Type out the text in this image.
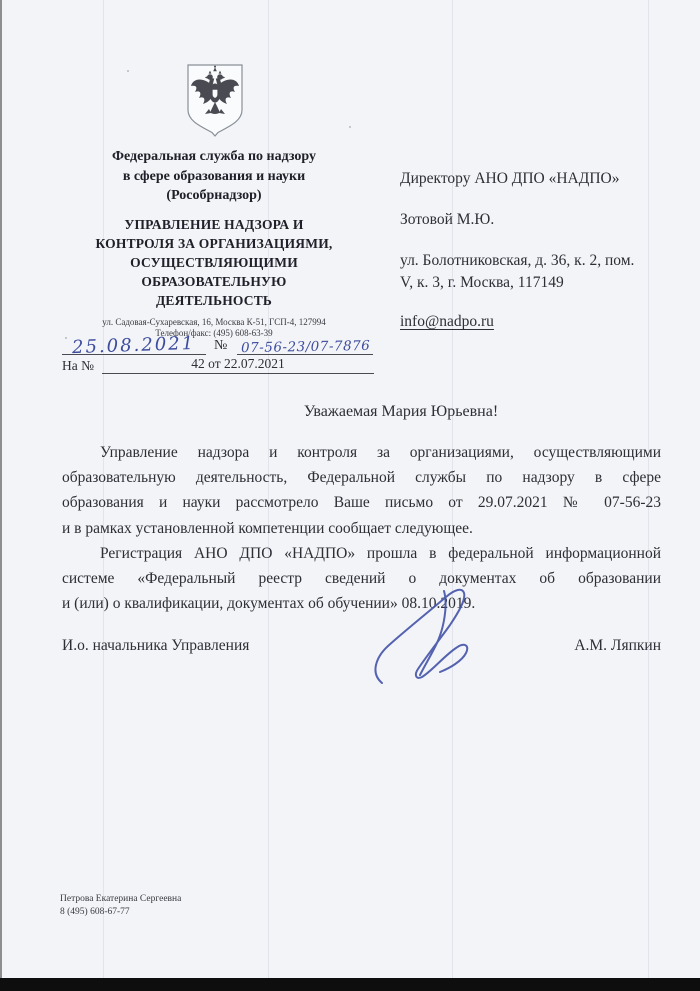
Федеральная служба по надзору
в сфере образования и науки
(Рособрнадзор)
УПРАВЛЕНИЕ НАДЗОРА И
КОНТРОЛЯ ЗА ОРГАНИЗАЦИЯМИ,
ОСУЩЕСТВЛЯЮЩИМИ
ОБРАЗОВАТЕЛЬНУЮ
ДЕЯТЕЛЬНОСТЬ
ул. Садовая-Сухаревская, 16, Москва К-51, ГСП-4, 127994
Телефон/факс: (495) 608-63-39
25.08.2021	№ 07-56-23/07-7876
На №	42 от 22.07.2021
Директору АНО ДПО «НАДПО»
Зотовой М.Ю.
ул. Болотниковская, д. 36, к. 2, пом.
V, к. 3, г. Москва, 117149
info@nadpo.ru
Уважаемая Мария Юрьевна!
Управление надзора и контроля за организациями, осуществляющими
образовательную деятельность, Федеральной службы по надзору в сфере
образования и науки рассмотрело Ваше письмо от 29.07.2021 № 07-56-23
и в рамках установленной компетенции сообщает следующее.
Регистрация АНО ДПО «НАДПО» прошла в федеральной информационной
системе «Федеральный реестр сведений о документах об образовании
и (или) о квалификации, документах об обучении» 08.10.2019.
И.о. начальника Управления	А.М. Ляпкин
Петрова Екатерина Сергеевна
8 (495) 608-67-77
